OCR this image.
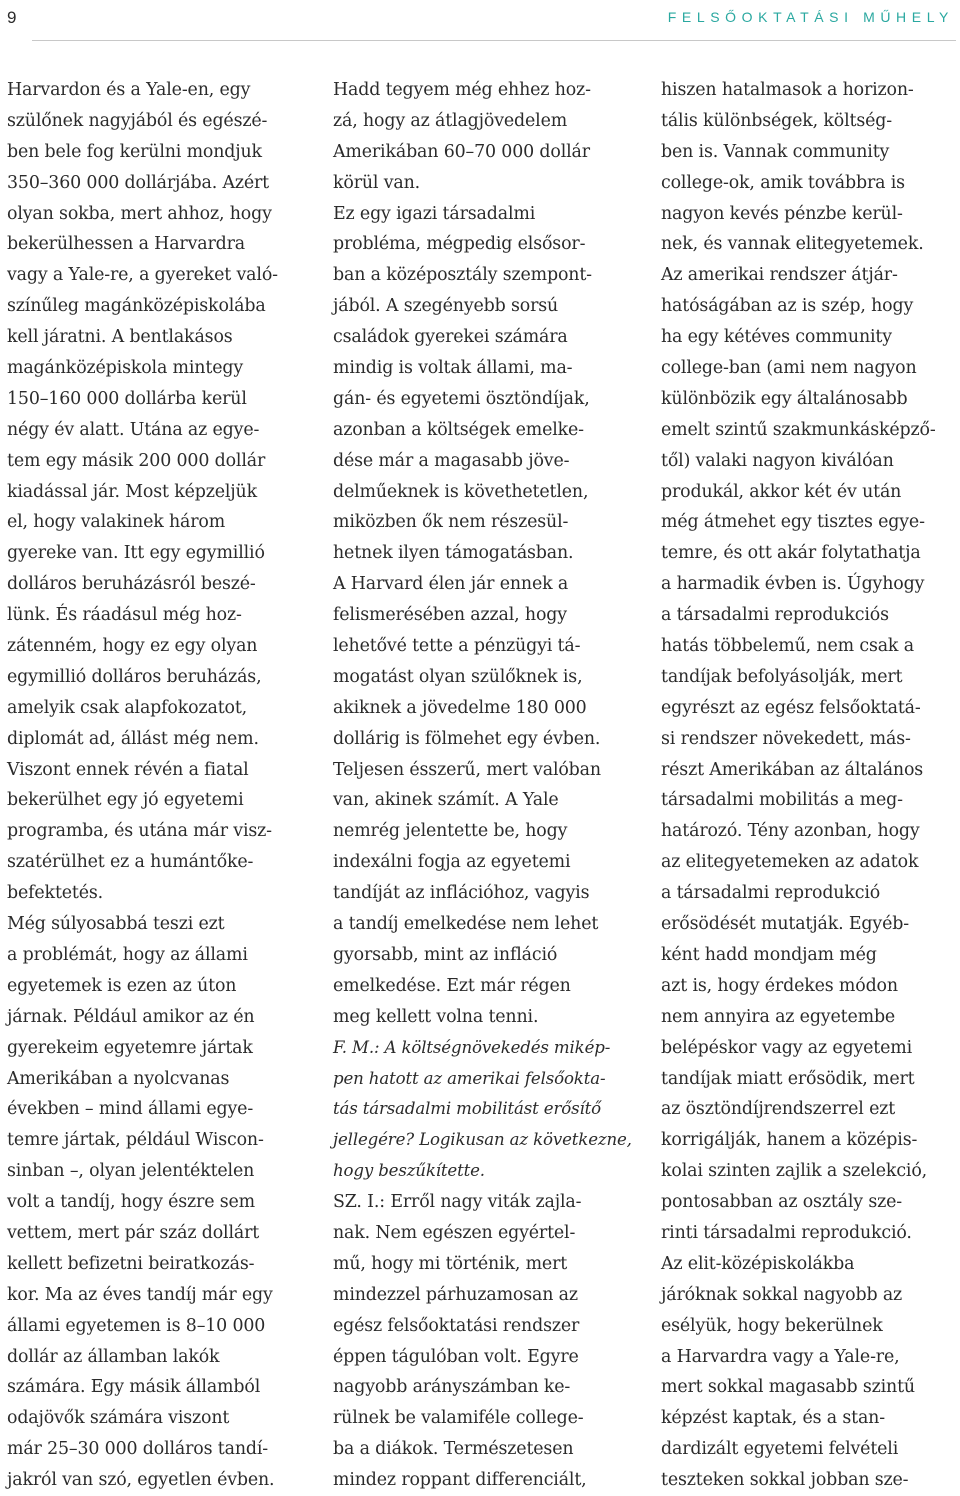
9	FELSŐOKTATÁSI MŰHELY
Harvardon és a Yale-en, egy
szülőnek nagyjából és egészé-
ben bele fog kerülni mondjuk
350–360 000 dollárjába. Azért
olyan sokba, mert ahhoz, hogy
bekerülhessen a Harvardra
vagy a Yale-re, a gyereket való-
színűleg magánközépiskolába
kell járatni. A bentlakásos
magánközépiskola mintegy
150–160 000 dollárba kerül
négy év alatt. Utána az egye-
tem egy másik 200 000 dollár
kiadással jár. Most képzeljük
el, hogy valakinek három
gyereke van. Itt egy egymillió
dolláros beruházásról beszé-
lünk. És ráadásul még hoz-
zátenném, hogy ez egy olyan
egymillió dolláros beruházás,
amelyik csak alapfokozatot,
diplomát ad, állást még nem.
Viszont ennek révén a fiatal
bekerülhet egy jó egyetemi
programba, és utána már visz-
szatérülhet ez a humántőke-
befektetés.
Még súlyosabbá teszi ezt
a problémát, hogy az állami
egyetemek is ezen az úton
járnak. Például amikor az én
gyerekeim egyetemre jártak
Amerikában a nyolcvanas
években – mind állami egye-
temre jártak, például Wiscon-
sinban –, olyan jelentéktelen
volt a tandíj, hogy észre sem
vettem, mert pár száz dollárt
kellett befizetni beiratkozás-
kor. Ma az éves tandíj már egy
állami egyetemen is 8–10 000
dollár az államban lakók
számára. Egy másik államból
odajövők számára viszont
már 25–30 000 dolláros tandí-
jakról van szó, egyetlen évben.
Hadd tegyem még ehhez hoz-
zá, hogy az átlagjövedelem
Amerikában 60–70 000 dollár
körül van.
Ez egy igazi társadalmi
probléma, mégpedig elsősor-
ban a középosztály szempont-
jából. A szegényebb sorsú
családok gyerekei számára
mindig is voltak állami, ma-
gán- és egyetemi ösztöndíjak,
azonban a költségek emelke-
dése már a magasabb jöve-
delműeknek is követhetetlen,
miközben ők nem részesül-
hetnek ilyen támogatásban.
A Harvard élen jár ennek a
felismerésében azzal, hogy
lehetővé tette a pénzügyi tá-
mogatást olyan szülőknek is,
akiknek a jövedelme 180 000
dollárig is fölmehet egy évben.
Teljesen ésszerű, mert valóban
van, akinek számít. A Yale
nemrég jelentette be, hogy
indexálni fogja az egyetemi
tandíját az inflációhoz, vagyis
a tandíj emelkedése nem lehet
gyorsabb, mint az infláció
emelkedése. Ezt már régen
meg kellett volna tenni.
F. M.: A költségnövekedés mikép-
pen hatott az amerikai felsőokta-
tás társadalmi mobilitást erősítő
jellegére? Logikusan az következne,
hogy beszűkítette.
SZ. I.: Erről nagy viták zajla-
nak. Nem egészen egyértel-
mű, hogy mi történik, mert
mindezzel párhuzamosan az
egész felsőoktatási rendszer
éppen tágulóban volt. Egyre
nagyobb arányszámban ke-
rülnek be valamiféle college-
ba a diákok. Természetesen
mindez roppant differenciált,
hiszen hatalmasok a horizon-
tális különbségek, költség-
ben is. Vannak community
college-ok, amik továbbra is
nagyon kevés pénzbe kerül-
nek, és vannak elitegyetemek.
Az amerikai rendszer átjár-
hatóságában az is szép, hogy
ha egy kétéves community
college-ban (ami nem nagyon
különbözik egy általánosabb
emelt szintű szakmunkásképző-
től) valaki nagyon kiválóan
produkál, akkor két év után
még átmehet egy tisztes egye-
temre, és ott akár folytathatja
a harmadik évben is. Úgyhogy
a társadalmi reprodukciós
hatás többelemű, nem csak a
tandíjak befolyásolják, mert
egyrészt az egész felsőoktatá-
si rendszer növekedett, más-
részt Amerikában az általános
társadalmi mobilitás a meg-
határozó. Tény azonban, hogy
az elitegyetemeken az adatok
a társadalmi reprodukció
erősödését mutatják. Egyéb-
ként hadd mondjam még
azt is, hogy érdekes módon
nem annyira az egyetembe
belépéskor vagy az egyetemi
tandíjak miatt erősödik, mert
az ösztöndíjrendszerrel ezt
korrigálják, hanem a középis-
kolai szinten zajlik a szelekció,
pontosabban az osztály sze-
rinti társadalmi reprodukció.
Az elit-középiskolákba
járóknak sokkal nagyobb az
esélyük, hogy bekerülnek
a Harvardra vagy a Yale-re,
mert sokkal magasabb szintű
képzést kaptak, és a stan-
dardizált egyetemi felvételi
teszteken sokkal jobban sze-
